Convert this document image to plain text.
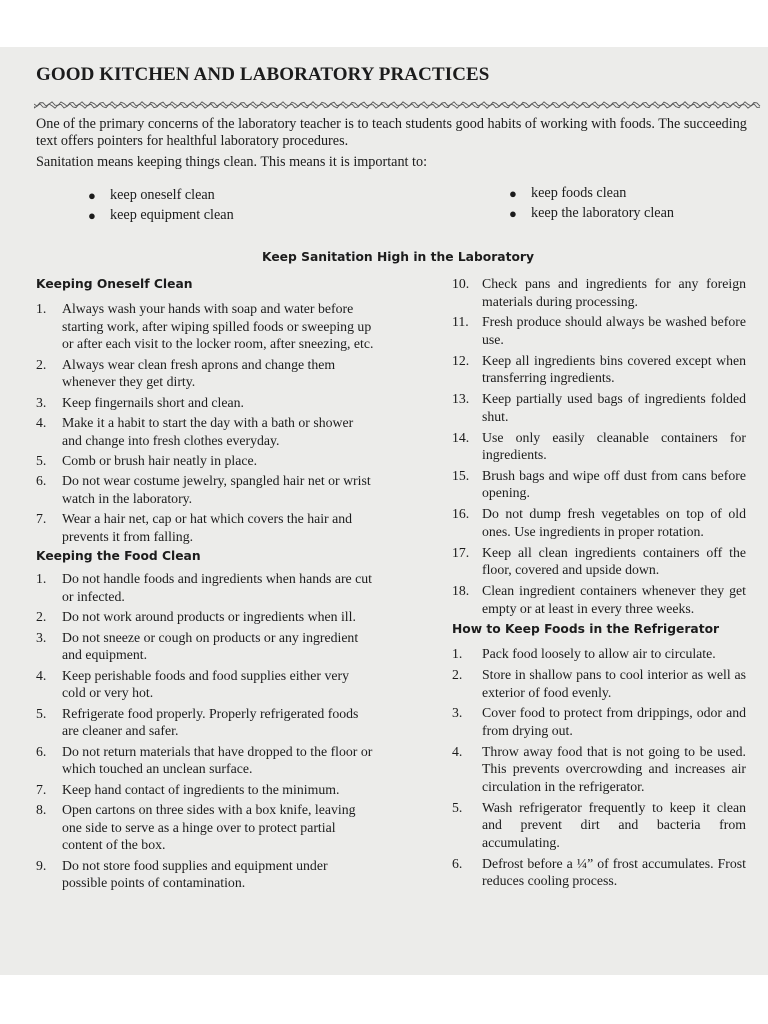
GOOD KITCHEN AND LABORATORY PRACTICES

One of the primary concerns of the laboratory teacher is to teach students good habits of working with foods. The succeeding text offers pointers for healthful laboratory procedures.

Sanitation means keeping things clean. This means it is important to:

● keep oneself clean
● keep equipment clean
● keep foods clean
● keep the laboratory clean
Keep Sanitation High in the Laboratory
Keeping Oneself Clean
1. Always wash your hands with soap and water before starting work, after wiping spilled foods or sweeping up or after each visit to the locker room, after sneezing, etc.
2. Always wear clean fresh aprons and change them whenever they get dirty.
3. Keep fingernails short and clean.
4. Make it a habit to start the day with a bath or shower and change into fresh clothes everyday.
5. Comb or brush hair neatly in place.
6. Do not wear costume jewelry, spangled hair net or wrist watch in the laboratory.
7. Wear a hair net, cap or hat which covers the hair and prevents it from falling.
Keeping the Food Clean
1. Do not handle foods and ingredients when hands are cut or infected.
2. Do not work around products or ingredients when ill.
3. Do not sneeze or cough on products or any ingredient and equipment.
4. Keep perishable foods and food supplies either very cold or very hot.
5. Refrigerate food properly. Properly refrigerated foods are cleaner and safer.
6. Do not return materials that have dropped to the floor or which touched an unclean surface.
7. Keep hand contact of ingredients to the minimum.
8. Open cartons on three sides with a box knife, leaving one side to serve as a hinge over to protect partial content of the box.
9. Do not store food supplies and equipment under possible points of contamination.
10. Check pans and ingredients for any foreign materials during processing.
11. Fresh produce should always be washed before use.
12. Keep all ingredients bins covered except when transferring ingredients.
13. Keep partially used bags of ingredients folded shut.
14. Use only easily cleanable containers for ingredients.
15. Brush bags and wipe off dust from cans before opening.
16. Do not dump fresh vegetables on top of old ones. Use ingredients in proper rotation.
17. Keep all clean ingredients containers off the floor, covered and upside down.
18. Clean ingredient containers whenever they get empty or at least in every three weeks.
How to Keep Foods in the Refrigerator
1. Pack food loosely to allow air to circulate.
2. Store in shallow pans to cool interior as well as exterior of food evenly.
3. Cover food to protect from drippings, odor and from drying out.
4. Throw away food that is not going to be used. This prevents overcrowding and increases air circulation in the refrigerator.
5. Wash refrigerator frequently to keep it clean and prevent dirt and bacteria from accumulating.
6. Defrost before a ¼” of frost accumulates. Frost reduces cooling process.
